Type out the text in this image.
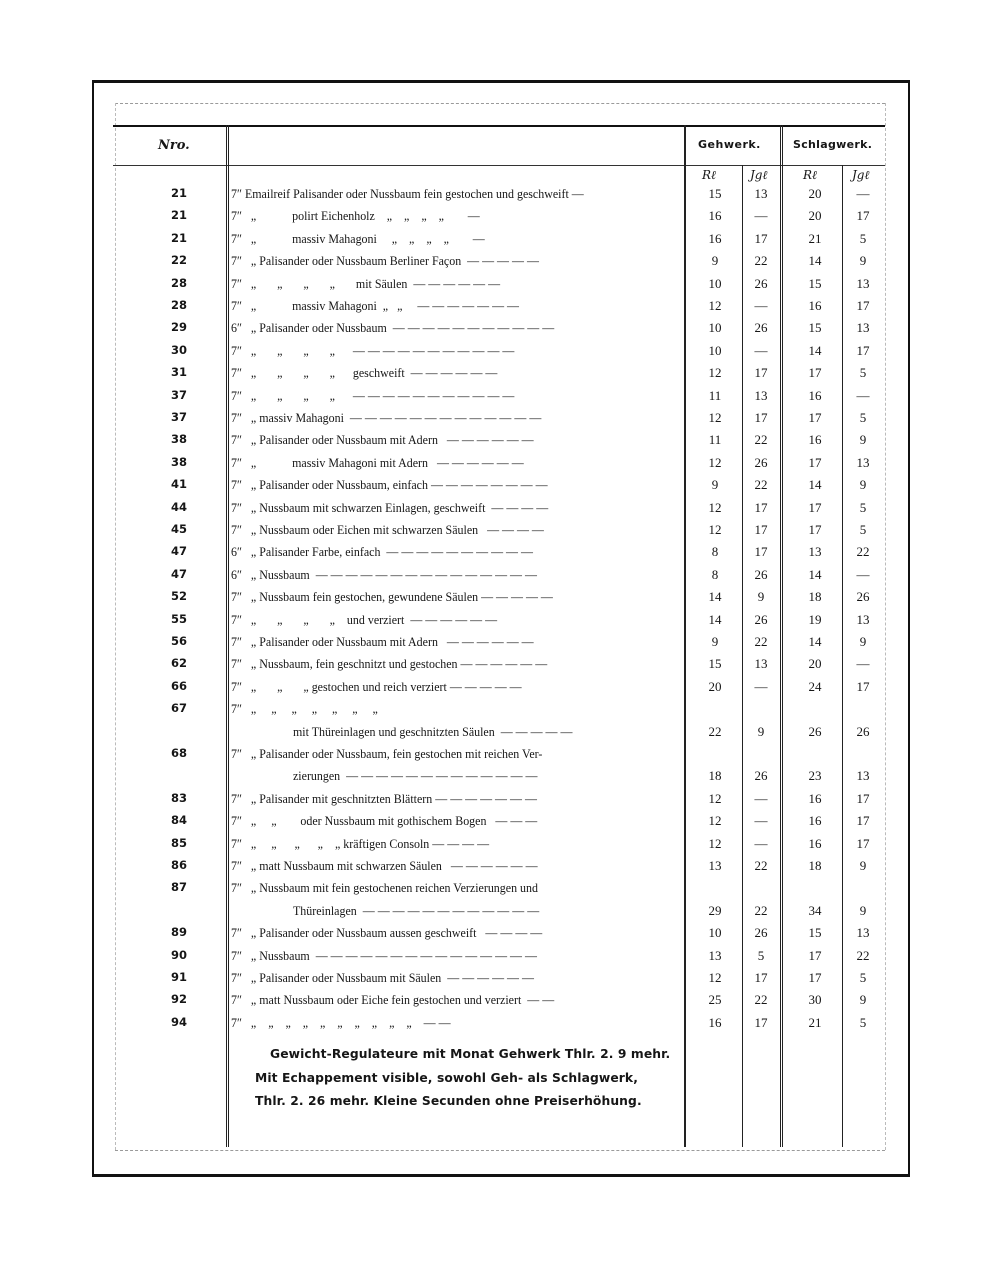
Nro.	Gehwerk.	Schlagwerk.
Rℓ	Jgℓ	Rℓ	Jgℓ
21	7″ Emailreif Palisander oder Nussbaum fein gestochen und geschweift —	15	13	20	—
21	7″   „            polirt Eichenholz    „    „    „    „        —	16	—	20	17
21	7″   „            massiv Mahagoni     „    „    „    „        —	16	17	21	5
22	7″   „ Palisander oder Nussbaum Berliner Façon  — — — — —	9	22	14	9
28	7″   „       „       „       „       mit Säulen  — — — — — —	10	26	15	13
28	7″   „            massiv Mahagoni  „   „     — — — — — — —	12	—	16	17
29	6″   „ Palisander oder Nussbaum  — — — — — — — — — — —	10	26	15	13
30	7″   „       „       „       „      — — — — — — — — — — —	10	—	14	17
31	7″   „       „       „       „      geschweift  — — — — — —	12	17	17	5
37	7″   „       „       „       „      — — — — — — — — — — —	11	13	16	—
37	7″   „ massiv Mahagoni  — — — — — — — — — — — — —	12	17	17	5
38	7″   „ Palisander oder Nussbaum mit Adern   — — — — — —	11	22	16	9
38	7″   „            massiv Mahagoni mit Adern   — — — — — —	12	26	17	13
41	7″   „ Palisander oder Nussbaum, einfach — — — — — — — —	9	22	14	9
44	7″   „ Nussbaum mit schwarzen Einlagen, geschweift  — — — —	12	17	17	5
45	7″   „ Nussbaum oder Eichen mit schwarzen Säulen   — — — —	12	17	17	5
47	6″   „ Palisander Farbe, einfach  — — — — — — — — — —	8	17	13	22
47	6″   „ Nussbaum  — — — — — — — — — — — — — — —	8	26	14	—
52	7″   „ Nussbaum fein gestochen, gewundene Säulen — — — — —	14	9	18	26
55	7″   „       „       „       „    und verziert  — — — — — —	14	26	19	13
56	7″   „ Palisander oder Nussbaum mit Adern   — — — — — —	9	22	14	9
62	7″   „ Nussbaum, fein geschnitzt und gestochen — — — — — —	15	13	20	—
66	7″   „       „       „ gestochen und reich verziert — — — — —	20	—	24	17
67	7″   „     „     „     „     „     „     „
mit Thüreinlagen und geschnitzten Säulen  — — — — —	22	9	26	26
68	7″   „ Palisander oder Nussbaum, fein gestochen mit reichen Ver-
zierungen  — — — — — — — — — — — — —	18	26	23	13
83	7″   „ Palisander mit geschnitzten Blättern — — — — — — —	12	—	16	17
84	7″   „     „        oder Nussbaum mit gothischem Bogen   — — —	12	—	16	17
85	7″   „     „      „      „    „ kräftigen Consoln — — — —	12	—	16	17
86	7″   „ matt Nussbaum mit schwarzen Säulen   — — — — — —	13	22	18	9
87	7″   „ Nussbaum mit fein gestochenen reichen Verzierungen und
Thüreinlagen  — — — — — — — — — — — —	29	22	34	9
89	7″   „ Palisander oder Nussbaum aussen geschweift   — — — —	10	26	15	13
90	7″   „ Nussbaum  — — — — — — — — — — — — — — —	13	5	17	22
91	7″   „ Palisander oder Nussbaum mit Säulen  — — — — — —	12	17	17	5
92	7″   „ matt Nussbaum oder Eiche fein gestochen und verziert  — —	25	22	30	9
94	7″   „    „    „    „    „    „    „    „    „    „    — —	16	17	21	5
Gewicht-Regulateure mit Monat Gehwerk Thlr. 2. 9 mehr.
Mit Echappement visible, sowohl Geh- als Schlagwerk,
Thlr. 2. 26 mehr. Kleine Secunden ohne Preiserhöhung.
